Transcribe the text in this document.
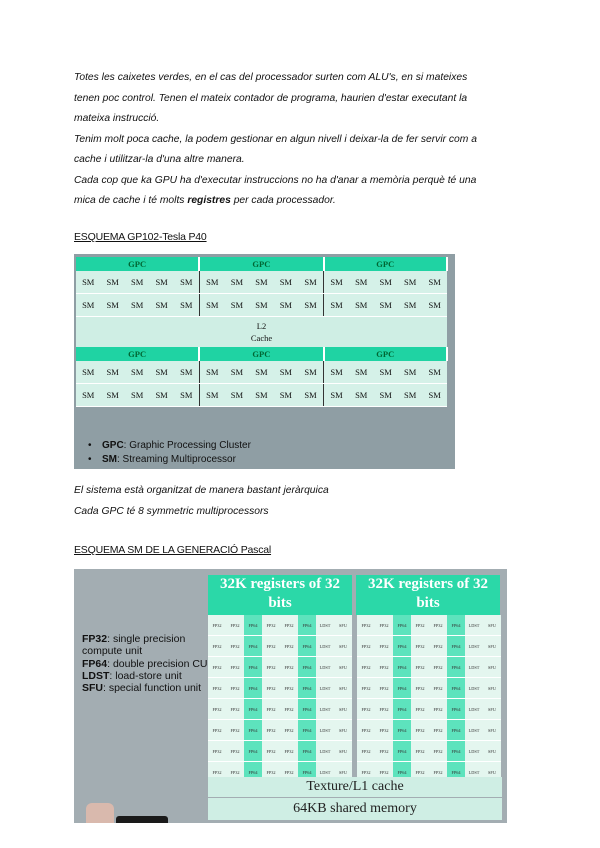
Totes les caixetes verdes, en el cas del processador surten com ALU's, en si mateixes
tenen poc control. Tenen el mateix contador de programa, haurien d'estar executant la
mateixa instrucció.
Tenim molt poca cache, la podem gestionar en algun nivell i deixar-la de fer servir com a
cache i utilitzar-la d'una altre manera.
Cada cop que ka GPU ha d'executar instruccions no ha d'anar a memòria perquè té una
mica de cache i té molts registres per cada processador.
ESQUEMA GP102-Tesla P40
GPC					GPC					GPC				
SM	SM	SM	SM	SM	SM	SM	SM	SM	SM	SM	SM	SM	SM	SM
SM	SM	SM	SM	SM	SM	SM	SM	SM	SM	SM	SM	SM	SM	SM

L2
Cache														

GPC					GPC					GPC				
SM	SM	SM	SM	SM	SM	SM	SM	SM	SM	SM	SM	SM	SM	SM
SM	SM	SM	SM	SM	SM	SM	SM	SM	SM	SM	SM	SM	SM	SM
• GPC: Graphic Processing Cluster
• SM: Streaming Multiprocessor
El sistema està organitzat de manera bastant jeràrquica
Cada GPC té 8 symmetric multiprocessors
ESQUEMA SM DE LA GENERACIÓ Pascal
FP32: single precision compute unit
FP64: double precision CU
LDST: load-store unit
SFU: special function unit
32K registers of 32
bits
32K registers of 32
bits
FP32	FP32	FP64	FP32	FP32	FP64	LDST	SFU
FP32	FP32	FP64	FP32	FP32	FP64	LDST	SFU
FP32	FP32	FP64	FP32	FP32	FP64	LDST	SFU
FP32	FP32	FP64	FP32	FP32	FP64	LDST	SFU
FP32	FP32	FP64	FP32	FP32	FP64	LDST	SFU
FP32	FP32	FP64	FP32	FP32	FP64	LDST	SFU
FP32	FP32	FP64	FP32	FP32	FP64	LDST	SFU
FP32	FP32	FP64	FP32	FP32	FP64	LDST	SFU
FP32	FP32	FP64	FP32	FP32	FP64	LDST	SFU
FP32	FP32	FP64	FP32	FP32	FP64	LDST	SFU
FP32	FP32	FP64	FP32	FP32	FP64	LDST	SFU
FP32	FP32	FP64	FP32	FP32	FP64	LDST	SFU
FP32	FP32	FP64	FP32	FP32	FP64	LDST	SFU
FP32	FP32	FP64	FP32	FP32	FP64	LDST	SFU
FP32	FP32	FP64	FP32	FP32	FP64	LDST	SFU
FP32	FP32	FP64	FP32	FP32	FP64	LDST	SFU
Texture/L1 cache
64KB shared memory
